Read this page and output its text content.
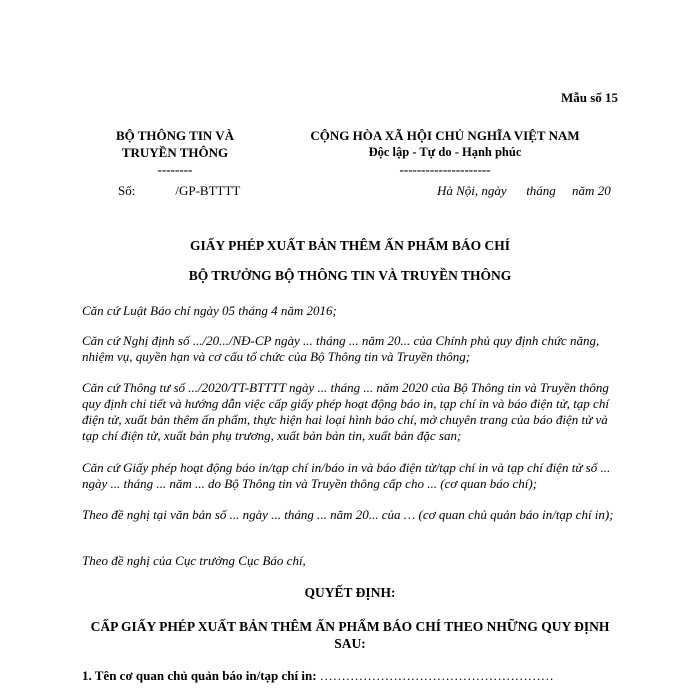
Mẫu số 15
BỘ THÔNG TIN VÀ
TRUYỀN THÔNG
--------
CỘNG HÒA XÃ HỘI CHỦ NGHĨA VIỆT NAM
Độc lập - Tự do - Hạnh phúc
---------------------
Số:	/GP-BTTTT	Hà Nội, ngày      tháng     năm 20
GIẤY PHÉP XUẤT BẢN THÊM ẤN PHẨM BÁO CHÍ
BỘ TRƯỞNG BỘ THÔNG TIN VÀ TRUYỀN THÔNG
Căn cứ Luật Báo chí ngày 05 tháng 4 năm 2016;
Căn cứ Nghị định số .../20.../NĐ-CP ngày ... tháng ... năm 20... của Chính phủ quy định chức năng, nhiệm vụ, quyền hạn và cơ cấu tổ chức của Bộ Thông tin và Truyền thông;
Căn cứ Thông tư số .../2020/TT-BTTTT ngày ... tháng ... năm 2020 của Bộ Thông tin và Truyền thông quy định chi tiết và hướng dẫn việc cấp giấy phép hoạt động báo in, tạp chí in và báo điện tử, tạp chí điện tử, xuất bản thêm ấn phẩm, thực hiện hai loại hình báo chí, mở chuyên trang của báo điện tử và tạp chí điện tử, xuất bản phụ trương, xuất bản bản tin, xuất bản đặc san;
Căn cứ Giấy phép hoạt động báo in/tạp chí in/báo in và báo điện tử/tạp chí in và tạp chí điện tử số ... ngày ... tháng ... năm ... do Bộ Thông tin và Truyền thông cấp cho ... (cơ quan báo chí);
Theo đề nghị tại văn bản số ... ngày ... tháng ... năm 20... của … (cơ quan chủ quản báo in/tạp chí in);
Theo đề nghị của Cục trưởng Cục Báo chí,
QUYẾT ĐỊNH:
CẤP GIẤY PHÉP XUẤT BẢN THÊM ẤN PHẨM BÁO CHÍ THEO NHỮNG QUY ĐỊNH SAU:
1. Tên cơ quan chủ quản báo in/tạp chí in: ………………………………………………
